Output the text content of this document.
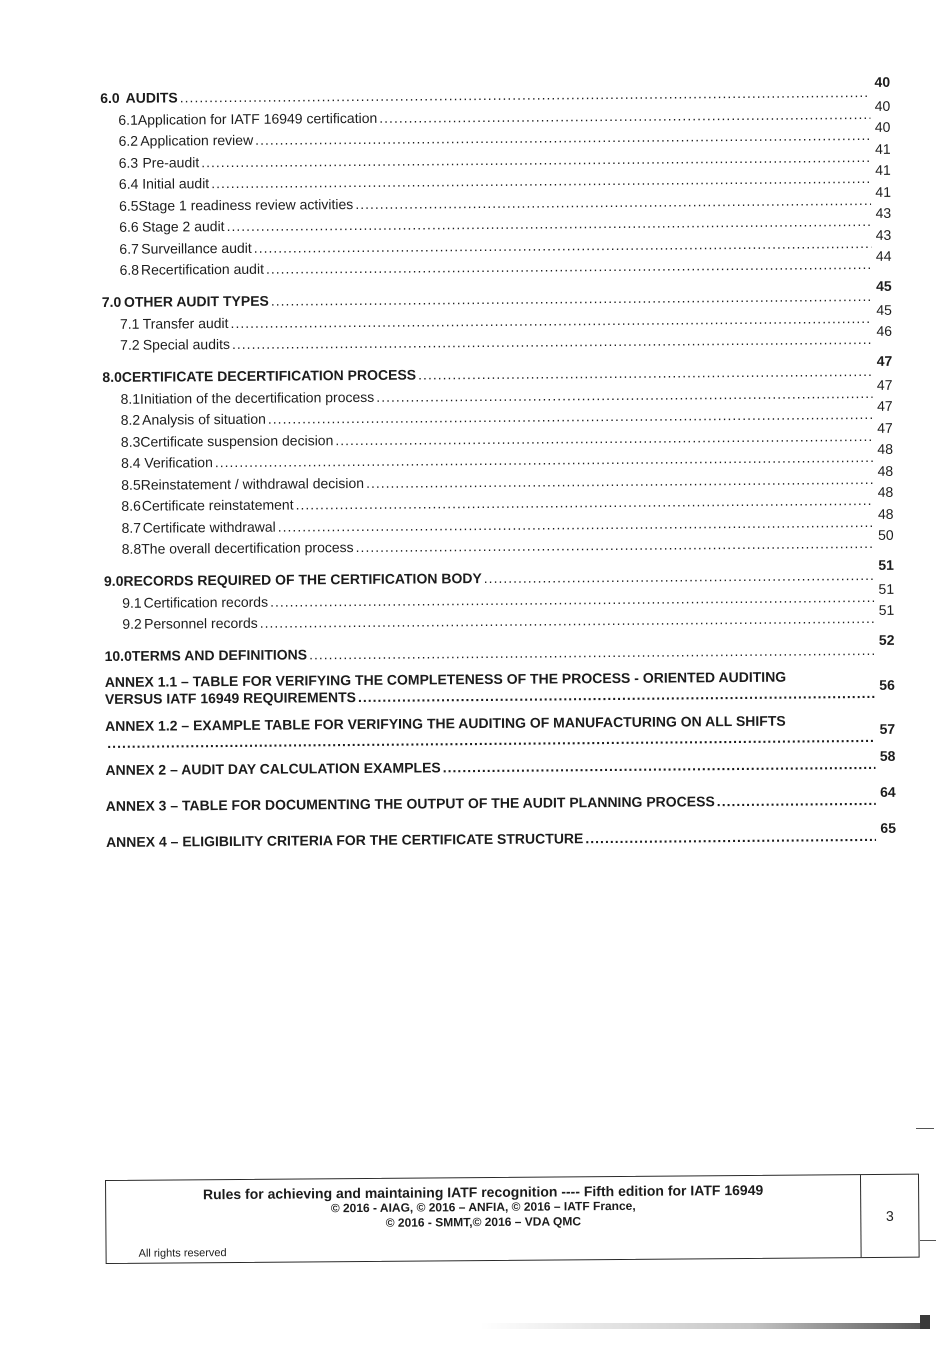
6.0 AUDITS
.....
40
6.1 Application for IATF 16949 certification
.....
40
6.2 Application review
.....
40
6.3 Pre-audit
.....
41
6.4 Initial audit
.....
41
6.5 Stage 1 readiness review activities
.....
41
6.6 Stage 2 audit
.....
43
6.7 Surveillance audit
.....
43
6.8 Recertification audit
.....
44
7.0 OTHER AUDIT TYPES
.....
45
7.1 Transfer audit
.....
45
7.2 Special audits
.....
46
8.0 CERTIFICATE DECERTIFICATION PROCESS
.....
47
8.1 Initiation of the decertification process
.....
47
8.2 Analysis of situation
.....
47
8.3 Certificate suspension decision
.....
47
8.4 Verification
.....
48
8.5 Reinstatement / withdrawal decision
.....
48
8.6 Certificate reinstatement
.....
48
8.7 Certificate withdrawal
.....
48
8.8 The overall decertification process
.....
50
9.0 RECORDS REQUIRED OF THE CERTIFICATION BODY
.....
51
9.1 Certification records
.....
51
9.2 Personnel records
.....
51
10.0 TERMS AND DEFINITIONS
.....
52
ANNEX 1.1 – TABLE FOR VERIFYING THE COMPLETENESS OF THE PROCESS - ORIENTED AUDITING
VERSUS IATF 16949 REQUIREMENTS
.....
56
ANNEX 1.2 – EXAMPLE TABLE FOR VERIFYING THE AUDITING OF MANUFACTURING ON ALL SHIFTS
.....	57
ANNEX 2 – AUDIT DAY CALCULATION EXAMPLES
.....
58
ANNEX 3 – TABLE FOR DOCUMENTING THE OUTPUT OF THE AUDIT PLANNING PROCESS
.....
64
ANNEX 4 – ELIGIBILITY CRITERIA FOR THE CERTIFICATE STRUCTURE
.....
65
Rules for achieving and maintaining IATF recognition ---- Fifth edition for IATF 16949
© 2016 - AIAG, © 2016 – ANFIA, © 2016 – IATF France,
© 2016 - SMMT,© 2016 – VDA QMC
All rights reserved
3
